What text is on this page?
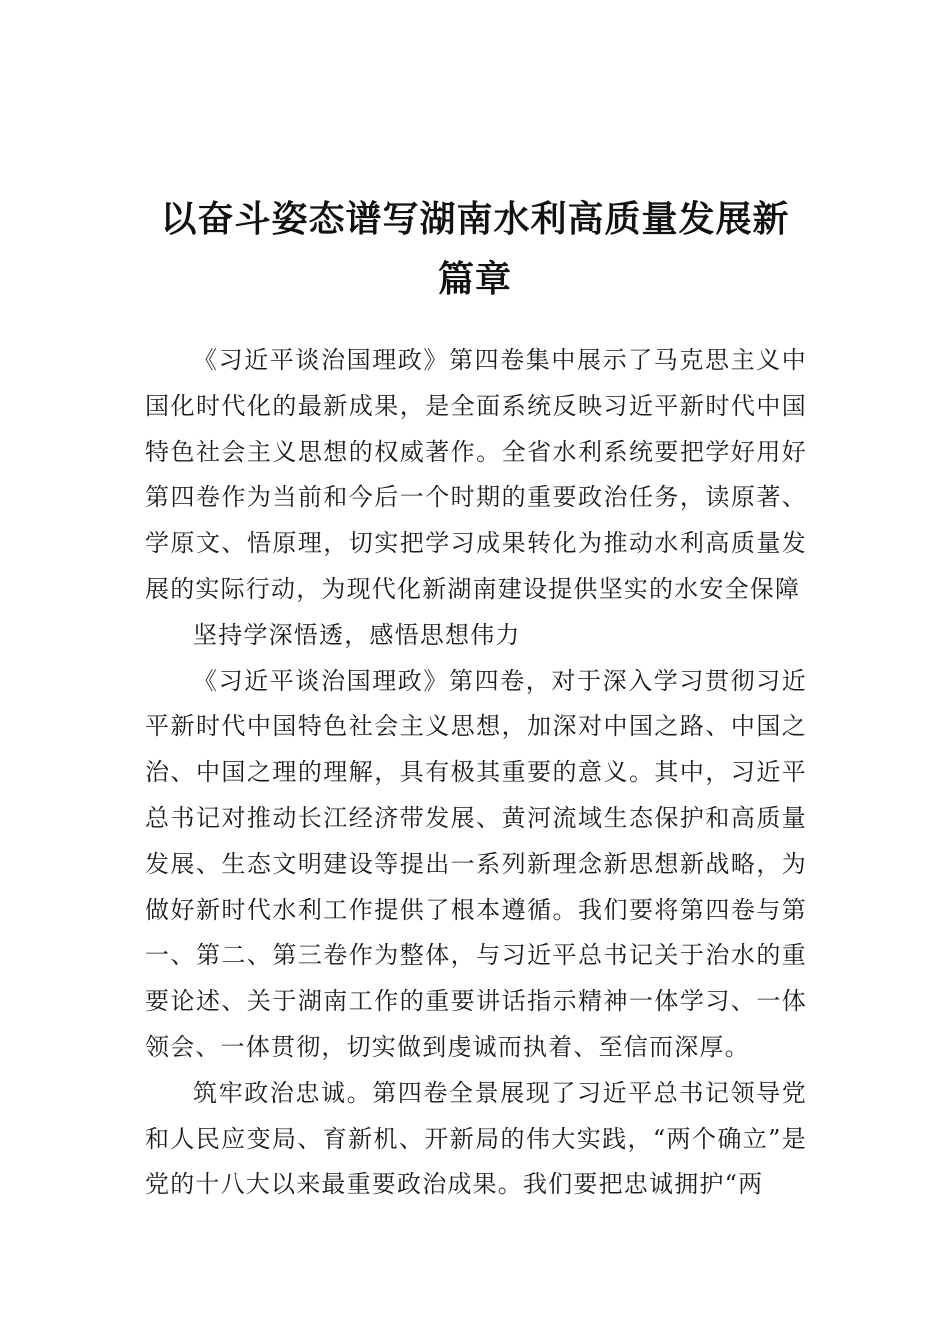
以奋斗姿态谱写湖南水利高质量发展新篇章

《习近平谈治国理政》第四卷集中展示了马克思主义中国化时代化的最新成果，是全面系统反映习近平新时代中国特色社会主义思想的权威著作。全省水利系统要把学好用好第四卷作为当前和今后一个时期的重要政治任务，读原著、学原文、悟原理，切实把学习成果转化为推动水利高质量发展的实际行动，为现代化新湖南建设提供坚实的水安全保障

坚持学深悟透，感悟思想伟力

《习近平谈治国理政》第四卷，对于深入学习贯彻习近平新时代中国特色社会主义思想，加深对中国之路、中国之治、中国之理的理解，具有极其重要的意义。其中，习近平总书记对推动长江经济带发展、黄河流域生态保护和高质量发展、生态文明建设等提出一系列新理念新思想新战略，为做好新时代水利工作提供了根本遵循。我们要将第四卷与第一、第二、第三卷作为整体，与习近平总书记关于治水的重要论述、关于湖南工作的重要讲话指示精神一体学习、一体领会、一体贯彻，切实做到虔诚而执着、至信而深厚。

筑牢政治忠诚。第四卷全景展现了习近平总书记领导党和人民应变局、育新机、开新局的伟大实践，“两个确立”是党的十八大以来最重要政治成果。我们要把忠诚拥护“两
